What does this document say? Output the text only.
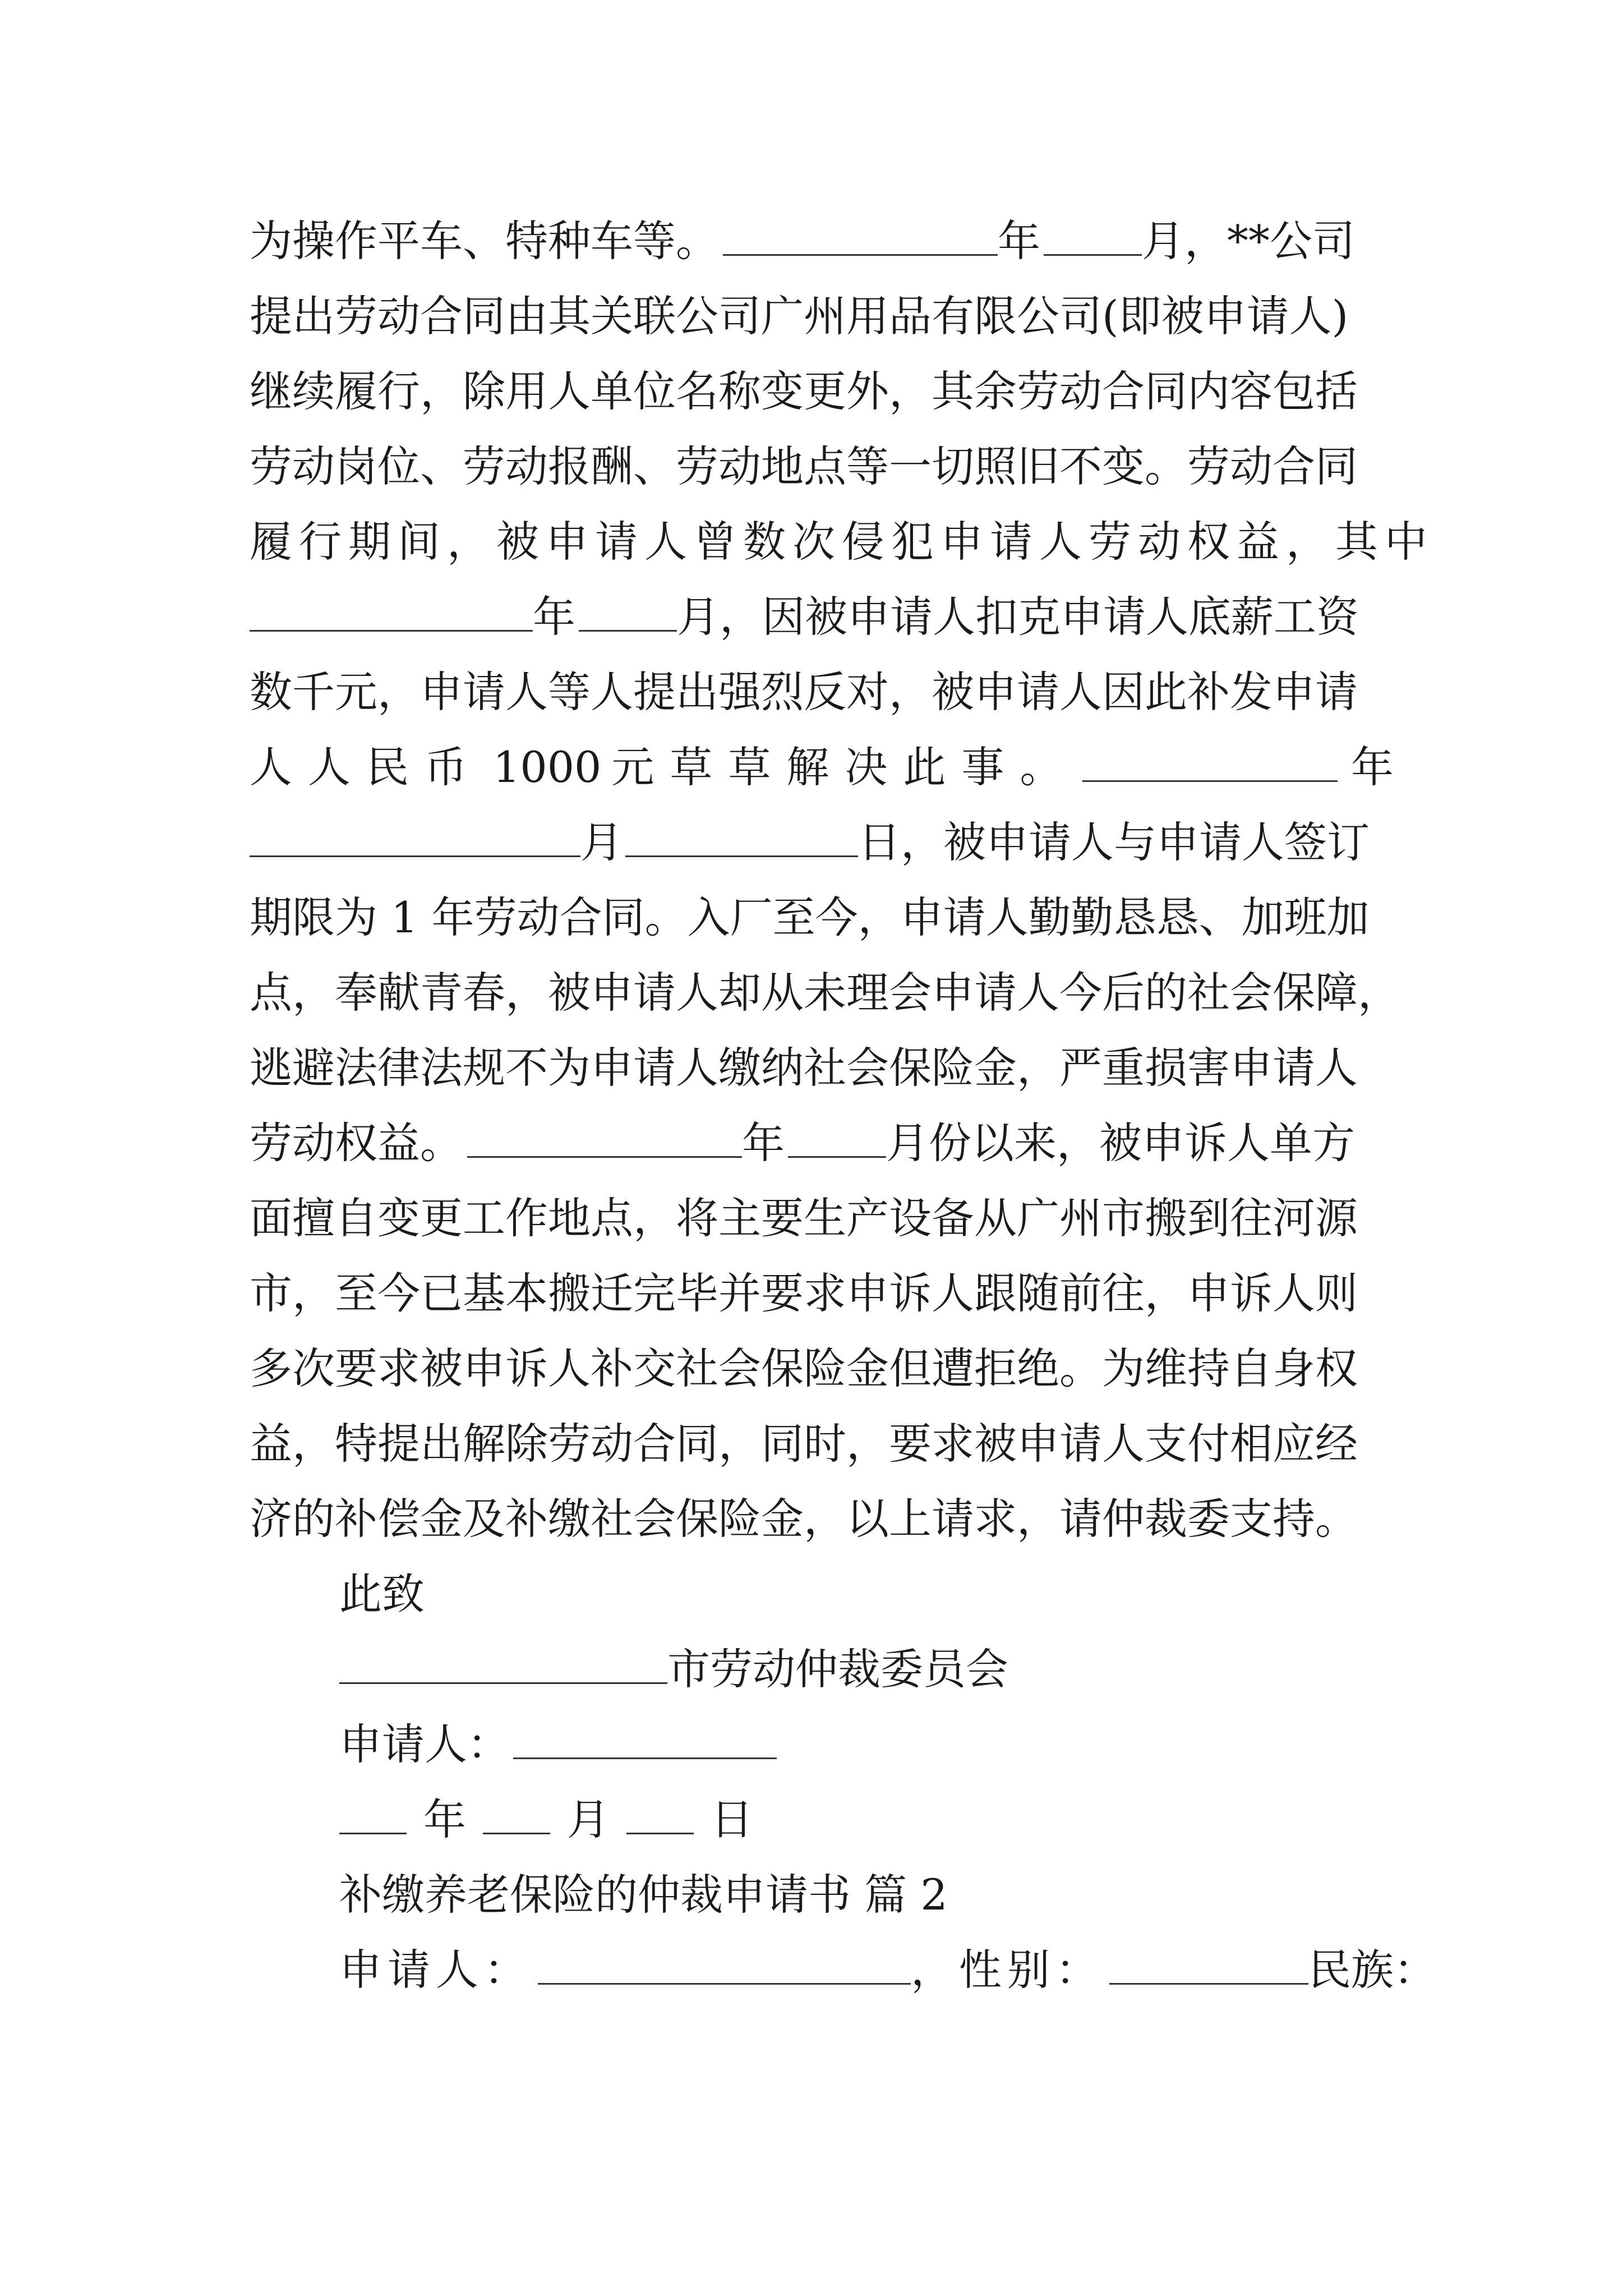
为操作平车、特种车等。	年 月，**公司
提出劳动合同由其关联公司广州用品有限公司(即被申请人)
继续履行，除用人单位名称变更外，其余劳动合同内容包括
劳动岗位、劳动报酬、劳动地点等一切照旧不变。劳动合同
履行期间，被申请人曾数次侵犯申请人劳动权益，其中
年 月，因被申请人扣克申请人底薪工资
数千元，申请人等人提出强烈反对，被申请人因此补发申请
人人民币 1000 元草草解决此事。	年
月	日，被申请人与申请人签订
期限为 1 年劳动合同。入厂至今，申请人勤勤恳恳、加班加
点，奉献青春，被申请人却从未理会申请人今后的社会保障，
逃避法律法规不为申请人缴纳社会保险金，严重损害申请人
劳动权益。	年 月份以来，被申诉人单方
面擅自变更工作地点，将主要生产设备从广州市搬到往河源
市，至今已基本搬迁完毕并要求申诉人跟随前往，申诉人则
多次要求被申诉人补交社会保险金但遭拒绝。为维持自身权
益，特提出解除劳动合同，同时，要求被申请人支付相应经
济的补偿金及补缴社会保险金，以上请求，请仲裁委支持。
此致
市劳动仲裁委员会
申请人：
年 月 日
补缴养老保险的仲裁申请书 篇 2
申请人：	，性别：	民族：
